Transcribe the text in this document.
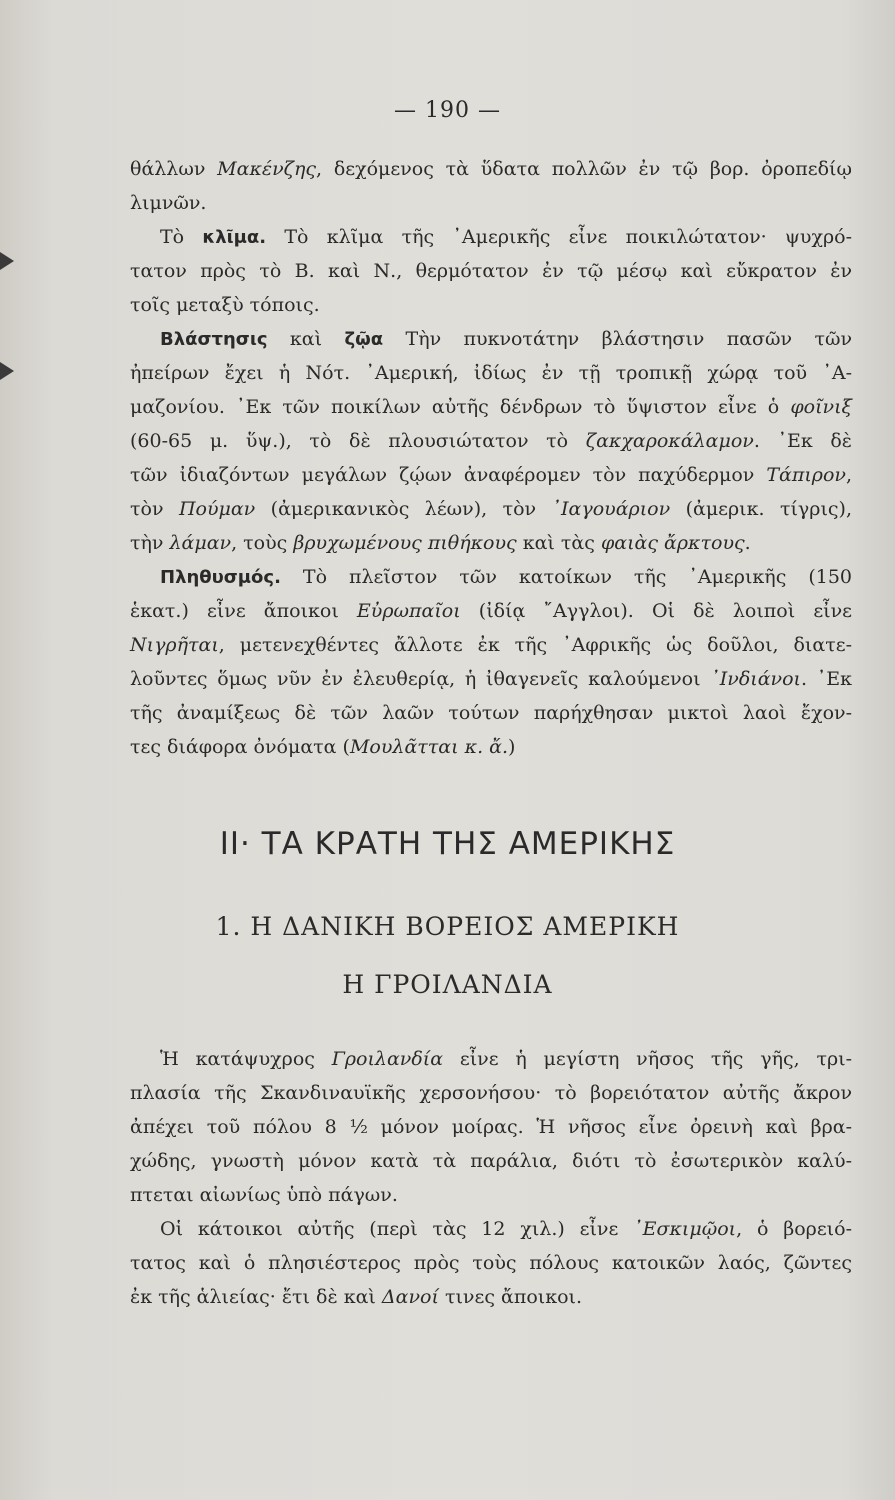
— 190 —
θάλλων Μακένζης, δεχόμενος τὰ ὕδατα πολλῶν ἐν τῷ βορ. ὀροπεδίῳ
λιμνῶν.
Τὸ κλῖμα. Τὸ κλῖμα τῆς ᾿Αμερικῆς εἶνε ποικιλώτατον· ψυχρό-
τατον πρὸς τὸ Β. καὶ Ν., θερμότατον ἐν τῷ μέσῳ καὶ εὔκρατον ἐν
τοῖς μεταξὺ τόποις.
Βλάστησις καὶ ζῷα Τὴν πυκνοτάτην βλάστησιν πασῶν τῶν
ἠπείρων ἔχει ἡ Νότ. ᾿Αμερική, ἰδίως ἐν τῇ τροπικῇ χώρᾳ τοῦ ᾿Α-
μαζονίου. ᾿Εκ τῶν ποικίλων αὐτῆς δένδρων τὸ ὕψιστον εἶνε ὁ φοῖνιξ
(60-65 μ. ὕψ.), τὸ δὲ πλουσιώτατον τὸ ζακχαροκάλαμον. ᾿Εκ δὲ
τῶν ἰδιαζόντων μεγάλων ζῴων ἀναφέρομεν τὸν παχύδερμον Τάπιρον,
τὸν Πούμαν (ἀμερικανικὸς λέων), τὸν ᾿Ιαγουάριον (ἀμερικ. τίγρις),
τὴν λάμαν, τοὺς βρυχωμένους πιθήκους καὶ τὰς φαιὰς ἄρκτους.
Πληθυσμός. Τὸ πλεῖστον τῶν κατοίκων τῆς ᾿Αμερικῆς (150
ἑκατ.) εἶνε ἄποικοι Εὐρωπαῖοι (ἰδίᾳ ῎Αγγλοι). Οἱ δὲ λοιποὶ εἶνε
Νιγρῆται, μετενεχθέντες ἄλλοτε ἐκ τῆς ᾿Αφρικῆς ὡς δοῦλοι, διατε-
λοῦντες ὅμως νῦν ἐν ἐλευθερίᾳ, ἡ ἰθαγενεῖς καλούμενοι ᾿Ινδιάνοι. ᾿Εκ
τῆς ἀναμίξεως δὲ τῶν λαῶν τούτων παρήχθησαν μικτοὶ λαοὶ ἔχον-
τες διάφορα ὀνόματα (Μουλᾶτται κ. ἄ.)
ΙΙ· ΤΑ ΚΡΑΤΗ ΤΗΣ ΑΜΕΡΙΚΗΣ
1. Η ΔΑΝΙΚΗ ΒΟΡΕΙΟΣ ΑΜΕΡΙΚΗ
Η ΓΡΟΙΛΑΝΔΙΑ
Ἡ κατάψυχρος Γροιλανδία εἶνε ἡ μεγίστη νῆσος τῆς γῆς, τρι-
πλασία τῆς Σκανδιναυϊκῆς χερσονήσου· τὸ βορειότατον αὐτῆς ἄκρον
ἀπέχει τοῦ πόλου 8 ½ μόνον μοίρας. Ἡ νῆσος εἶνε ὀρεινὴ καὶ βρα-
χώδης, γνωστὴ μόνον κατὰ τὰ παράλια, διότι τὸ ἐσωτερικὸν καλύ-
πτεται αἰωνίως ὑπὸ πάγων.
Οἱ κάτοικοι αὐτῆς (περὶ τὰς 12 χιλ.) εἶνε ᾿Εσκιμῷοι, ὁ βορειό-
τατος καὶ ὁ πλησιέστερος πρὸς τοὺς πόλους κατοικῶν λαός, ζῶντες
ἐκ τῆς ἁλιείας· ἔτι δὲ καὶ Δανοί τινες ἄποικοι.
